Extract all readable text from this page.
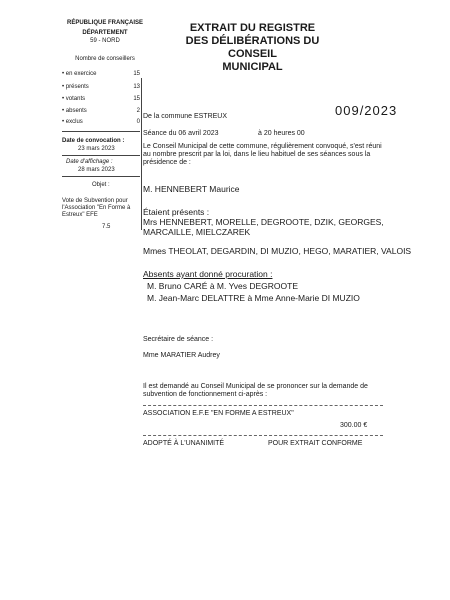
RÉPUBLIQUE FRANÇAISE
DÉPARTEMENT
59 - NORD
EXTRAIT DU REGISTRE
DES DÉLIBÉRATIONS DU CONSEIL
MUNICIPAL
Nombre de conseillers
• en exercice	15
• présents	13
• votants	15
• absents	2
• exclus	0
Date de convocation :
23 mars 2023
Date d'affichage :
28 mars 2023
Objet :
Vote de Subvention pour l'Association "En Forme à Estreux" EFE
7.5
009/2023
De la commune ESTREUX
Séance du 06 avril 2023	à 20 heures 00
Le Conseil Municipal de cette commune, régulièrement convoqué, s'est réuni au nombre prescrit par la loi, dans le lieu habituel de ses séances sous la présidence de :
M. HENNEBERT Maurice
Étaient présents :
Mrs HENNEBERT, MORELLE, DEGROOTE, DZIK, GEORGES,
MARCAILLE, MIELCZAREK
Mmes THEOLAT, DEGARDIN, DI MUZIO, HEGO, MARATIER, VALOIS
Absents ayant donné procuration :
M. Bruno CARÉ à M. Yves DEGROOTE
M. Jean-Marc DELATTRE à Mme Anne-Marie DI MUZIO
Secrétaire de séance :
Mme MARATIER Audrey
Il est demandé au Conseil Municipal de se prononcer sur la demande de subvention de fonctionnement ci-après :
ASSOCIATION E.F.E "EN FORME A ESTREUX"
300.00 €
ADOPTÉ À L'UNANIMITÉ	POUR EXTRAIT CONFORME
